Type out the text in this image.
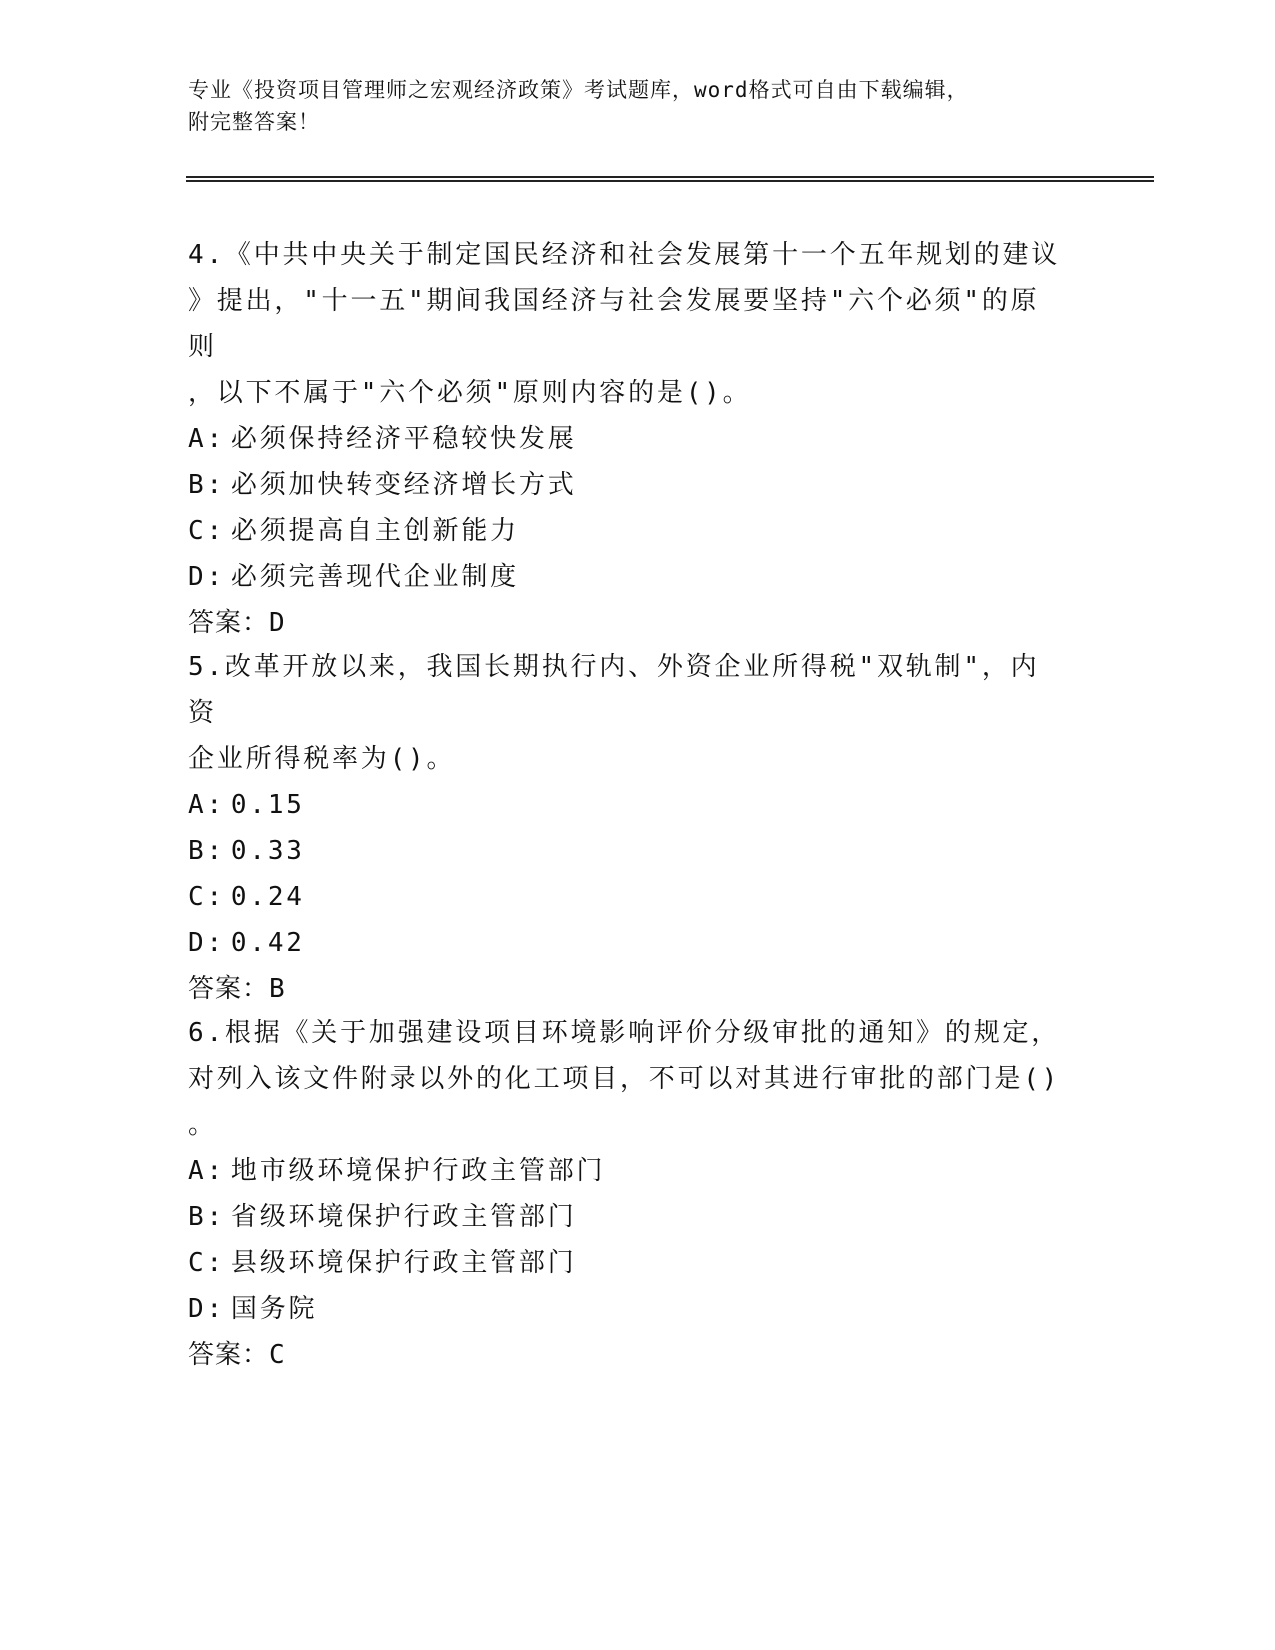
专业《投资项目管理师之宏观经济政策》考试题库，word格式可自由下载编辑，
附完整答案！

4.《中共中央关于制定国民经济和社会发展第十一个五年规划的建议

》提出，"十一五"期间我国经济与社会发展要坚持"六个必须"的原则

，以下不属于"六个必须"原则内容的是()。

A: 必须保持经济平稳较快发展

B: 必须加快转变经济增长方式

C: 必须提高自主创新能力

D: 必须完善现代企业制度

答案：D

5.改革开放以来，我国长期执行内、外资企业所得税"双轨制"，内资

企业所得税率为()。

A: 0.15

B: 0.33

C: 0.24

D: 0.42

答案：B

6.根据《关于加强建设项目环境影响评价分级审批的通知》的规定，

对列入该文件附录以外的化工项目，不可以对其进行审批的部门是()

。

A: 地市级环境保护行政主管部门

B: 省级环境保护行政主管部门

C: 县级环境保护行政主管部门

D: 国务院

答案：C
